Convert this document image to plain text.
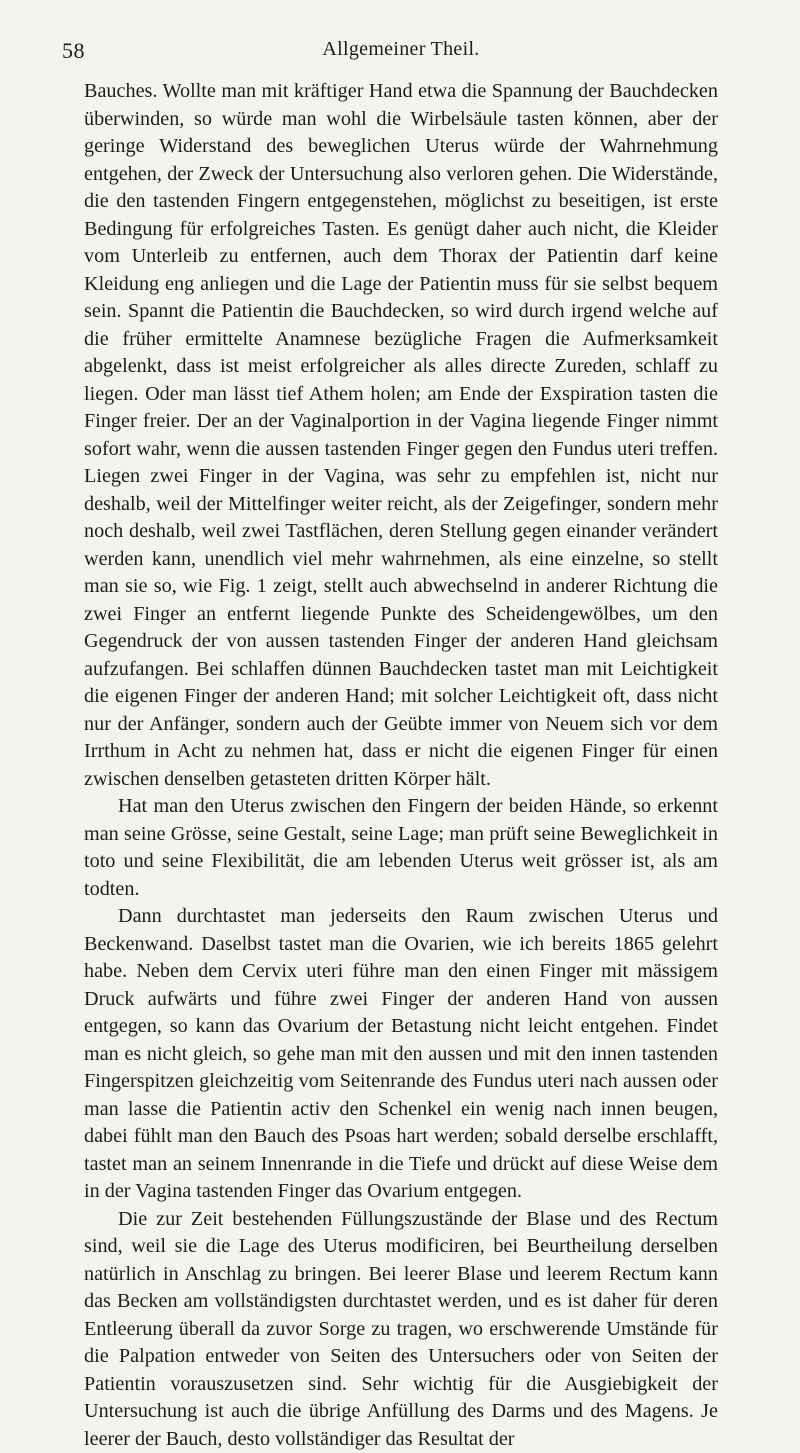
58	Allgemeiner Theil.

Bauches. Wollte man mit kräftiger Hand etwa die Spannung der Bauchdecken überwinden, so würde man wohl die Wirbelsäule tasten können, aber der geringe Widerstand des beweglichen Uterus würde der Wahrnehmung entgehen, der Zweck der Untersuchung also verloren gehen. Die Widerstände, die den tastenden Fingern entgegenstehen, möglichst zu beseitigen, ist erste Bedingung für erfolgreiches Tasten. Es genügt daher auch nicht, die Kleider vom Unterleib zu entfernen, auch dem Thorax der Patientin darf keine Kleidung eng anliegen und die Lage der Patientin muss für sie selbst bequem sein. Spannt die Patientin die Bauchdecken, so wird durch irgend welche auf die früher ermittelte Anamnese bezügliche Fragen die Aufmerksamkeit abgelenkt, dass ist meist erfolgreicher als alles directe Zureden, schlaff zu liegen. Oder man lässt tief Athem holen; am Ende der Exspiration tasten die Finger freier. Der an der Vaginalportion in der Vagina liegende Finger nimmt sofort wahr, wenn die aussen tastenden Finger gegen den Fundus uteri treffen. Liegen zwei Finger in der Vagina, was sehr zu empfehlen ist, nicht nur deshalb, weil der Mittelfinger weiter reicht, als der Zeigefinger, sondern mehr noch deshalb, weil zwei Tastflächen, deren Stellung gegen einander verändert werden kann, unendlich viel mehr wahrnehmen, als eine einzelne, so stellt man sie so, wie Fig. 1 zeigt, stellt auch abwechselnd in anderer Richtung die zwei Finger an entfernt liegende Punkte des Scheidengewölbes, um den Gegendruck der von aussen tastenden Finger der anderen Hand gleichsam aufzufangen. Bei schlaffen dünnen Bauchdecken tastet man mit Leichtigkeit die eigenen Finger der anderen Hand; mit solcher Leichtigkeit oft, dass nicht nur der Anfänger, sondern auch der Geübte immer von Neuem sich vor dem Irrthum in Acht zu nehmen hat, dass er nicht die eigenen Finger für einen zwischen denselben getasteten dritten Körper hält.

Hat man den Uterus zwischen den Fingern der beiden Hände, so erkennt man seine Grösse, seine Gestalt, seine Lage; man prüft seine Beweglichkeit in toto und seine Flexibilität, die am lebenden Uterus weit grösser ist, als am todten.

Dann durchtastet man jederseits den Raum zwischen Uterus und Beckenwand. Daselbst tastet man die Ovarien, wie ich bereits 1865 gelehrt habe. Neben dem Cervix uteri führe man den einen Finger mit mässigem Druck aufwärts und führe zwei Finger der anderen Hand von aussen entgegen, so kann das Ovarium der Betastung nicht leicht entgehen. Findet man es nicht gleich, so gehe man mit den aussen und mit den innen tastenden Fingerspitzen gleichzeitig vom Seitenrande des Fundus uteri nach aussen oder man lasse die Patientin activ den Schenkel ein wenig nach innen beugen, dabei fühlt man den Bauch des Psoas hart werden; sobald derselbe erschlafft, tastet man an seinem Innenrande in die Tiefe und drückt auf diese Weise dem in der Vagina tastenden Finger das Ovarium entgegen.

Die zur Zeit bestehenden Füllungszustände der Blase und des Rectum sind, weil sie die Lage des Uterus modificiren, bei Beurtheilung derselben natürlich in Anschlag zu bringen. Bei leerer Blase und leerem Rectum kann das Becken am vollständigsten durchtastet werden, und es ist daher für deren Entleerung überall da zuvor Sorge zu tragen, wo erschwerende Umstände für die Palpation entweder von Seiten des Untersuchers oder von Seiten der Patientin vorauszusetzen sind. Sehr wichtig für die Ausgiebigkeit der Untersuchung ist auch die übrige Anfüllung des Darms und des Magens. Je leerer der Bauch, desto vollständiger das Resultat der
